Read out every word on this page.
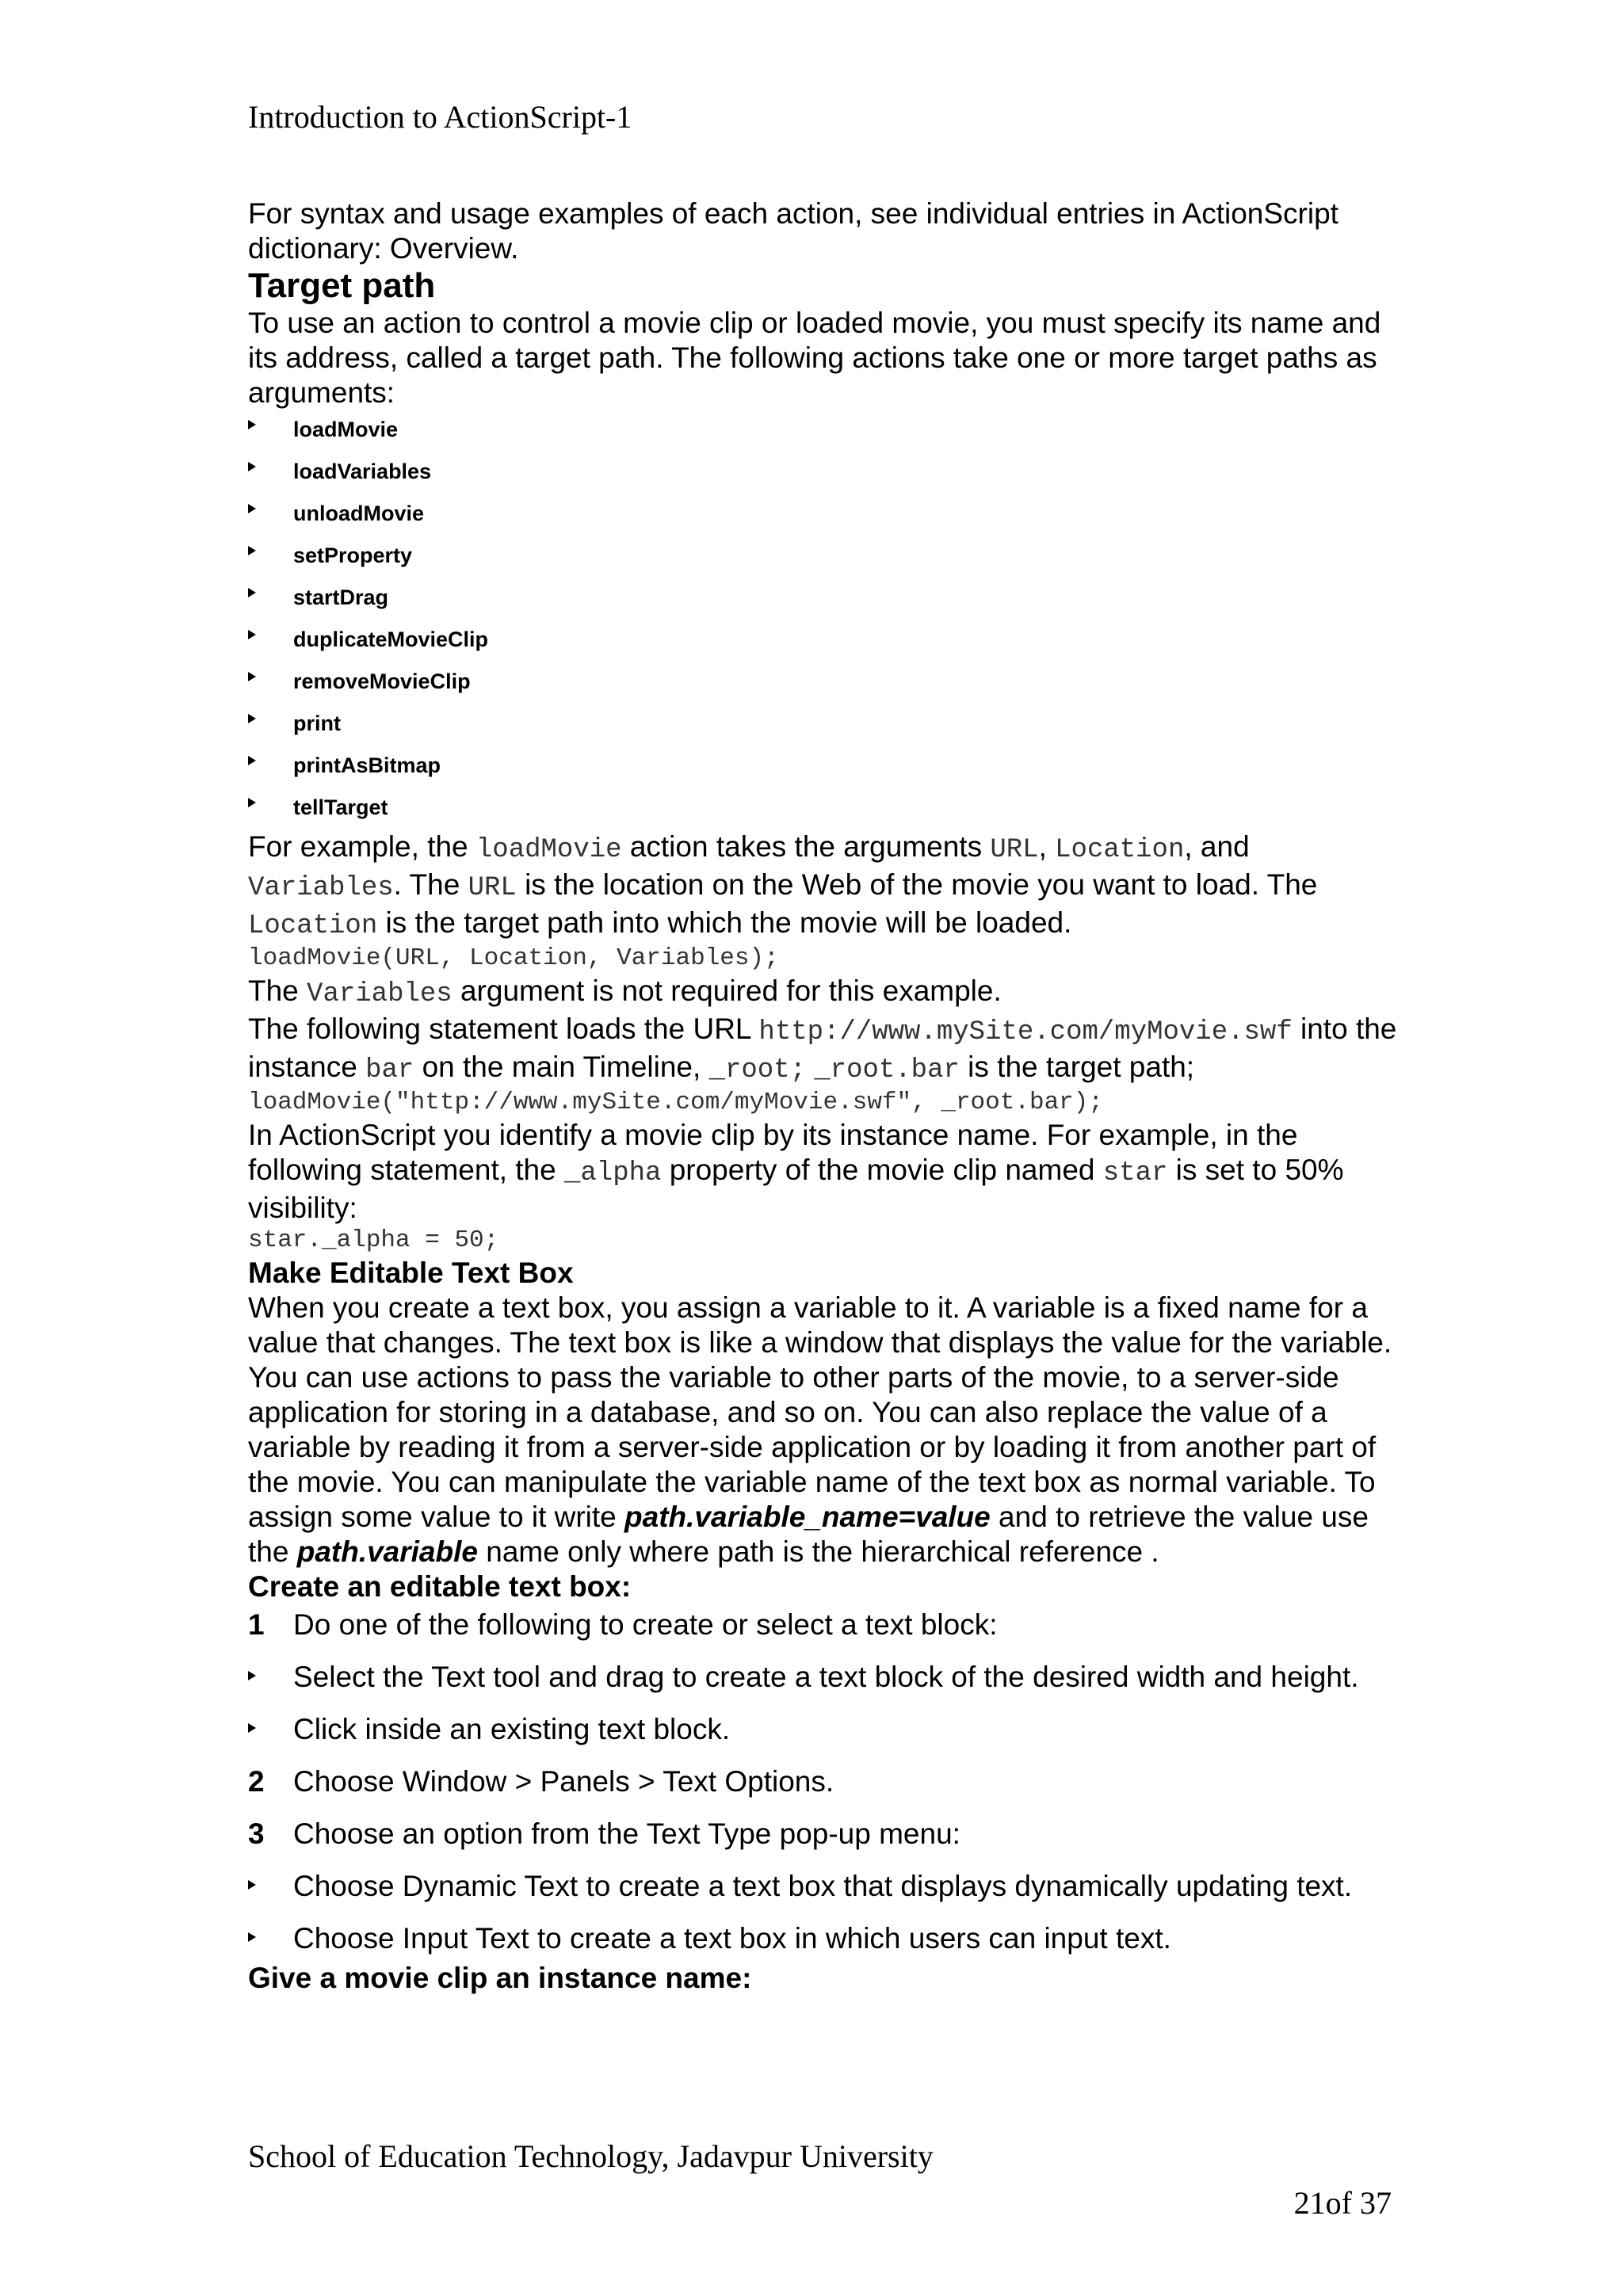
Introduction to ActionScript-1

For syntax and usage examples of each action, see individual entries in ActionScript dictionary: Overview.

Target path

To use an action to control a movie clip or loaded movie, you must specify its name and its address, called a target path. The following actions take one or more target paths as arguments:

loadMovie
loadVariables
unloadMovie
setProperty
startDrag
duplicateMovieClip
removeMovieClip
print
printAsBitmap
tellTarget

For example, the loadMovie action takes the arguments URL, Location, and Variables. The URL is the location on the Web of the movie you want to load. The Location is the target path into which the movie will be loaded.

loadMovie(URL, Location, Variables);

The Variables argument is not required for this example.

The following statement loads the URL http://www.mySite.com/myMovie.swf into the instance bar on the main Timeline, _root; _root.bar is the target path;

loadMovie("http://www.mySite.com/myMovie.swf", _root.bar);

In ActionScript you identify a movie clip by its instance name. For example, in the following statement, the _alpha property of the movie clip named star is set to 50% visibility:

star._alpha = 50;

Make Editable Text Box

When you create a text box, you assign a variable to it. A variable is a fixed name for a value that changes. The text box is like a window that displays the value for the variable. You can use actions to pass the variable to other parts of the movie, to a server-side application for storing in a database, and so on. You can also replace the value of a variable by reading it from a server-side application or by loading it from another part of the movie. You can manipulate the variable name of the text box as normal variable. To assign some value to it write path.variable_name=value and to retrieve the value use the path.variable name only where path is the hierarchical reference .

Create an editable text box:
1 Do one of the following to create or select a text block:
Select the Text tool and drag to create a text block of the desired width and height.
Click inside an existing text block.
2 Choose Window > Panels > Text Options.
3 Choose an option from the Text Type pop-up menu:
Choose Dynamic Text to create a text box that displays dynamically updating text.
Choose Input Text to create a text box in which users can input text.
Give a movie clip an instance name:
School of Education Technology, Jadavpur University
21of 37
